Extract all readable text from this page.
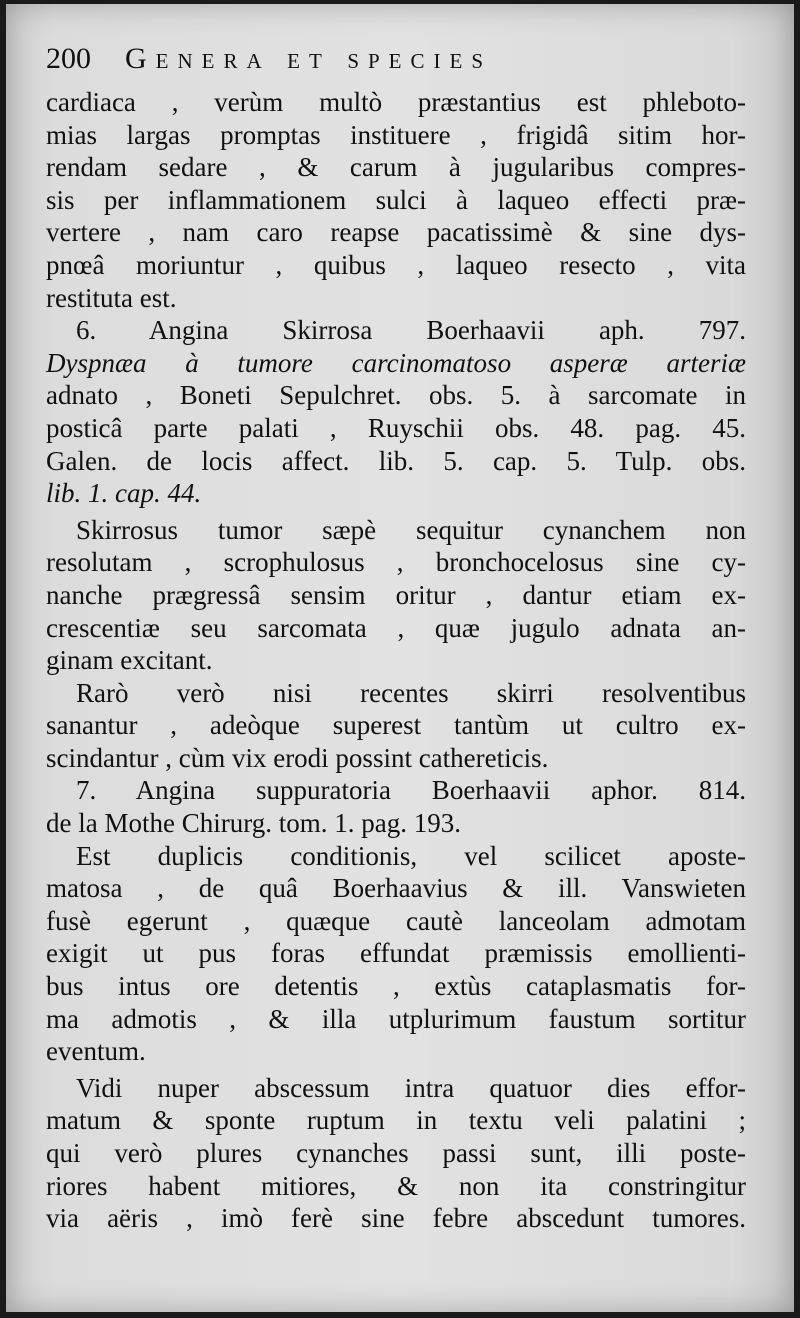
200 Genera et species
cardiaca , verùm multò præstantius est phleboto-
mias largas promptas instituere , frigidâ sitim hor-
rendam sedare , & carum à jugularibus compres-
sis per inflammationem sulci à laqueo effecti præ-
vertere , nam caro reapse pacatissimè & sine dys-
pnœâ moriuntur , quibus , laqueo resecto , vita
restituta est.
6. Angina Skirrosa Boerhaavii aph. 797.
Dyspnæa à tumore carcinomatoso asperæ arteriæ
adnato , Boneti Sepulchret. obs. 5. à sarcomate in
posticâ parte palati , Ruyschii obs. 48. pag. 45.
Galen. de locis affect. lib. 5. cap. 5. Tulp. obs.
lib. 1. cap. 44.
Skirrosus tumor sæpè sequitur cynanchem non
resolutam , scrophulosus , bronchocelosus sine cy-
nanche prægressâ sensim oritur , dantur etiam ex-
crescentiæ seu sarcomata , quæ jugulo adnata an-
ginam excitant.
Rarò verò nisi recentes skirri resolventibus
sanantur , adeòque superest tantùm ut cultro ex-
scindantur , cùm vix erodi possint cathereticis.
7. Angina suppuratoria Boerhaavii aphor. 814.
de la Mothe Chirurg. tom. 1. pag. 193.
Est duplicis conditionis, vel scilicet aposte-
matosa , de quâ Boerhaavius & ill. Vanswieten
fusè egerunt , quæque cautè lanceolam admotam
exigit ut pus foras effundat præmissis emollienti-
bus intus ore detentis , extùs cataplasmatis for-
ma admotis , & illa utplurimum faustum sortitur
eventum.
Vidi nuper abscessum intra quatuor dies effor-
matum & sponte ruptum in textu veli palatini ;
qui verò plures cynanches passi sunt, illi poste-
riores habent mitiores, & non ita constringitur
via aëris , imò ferè sine febre abscedunt tumores.
